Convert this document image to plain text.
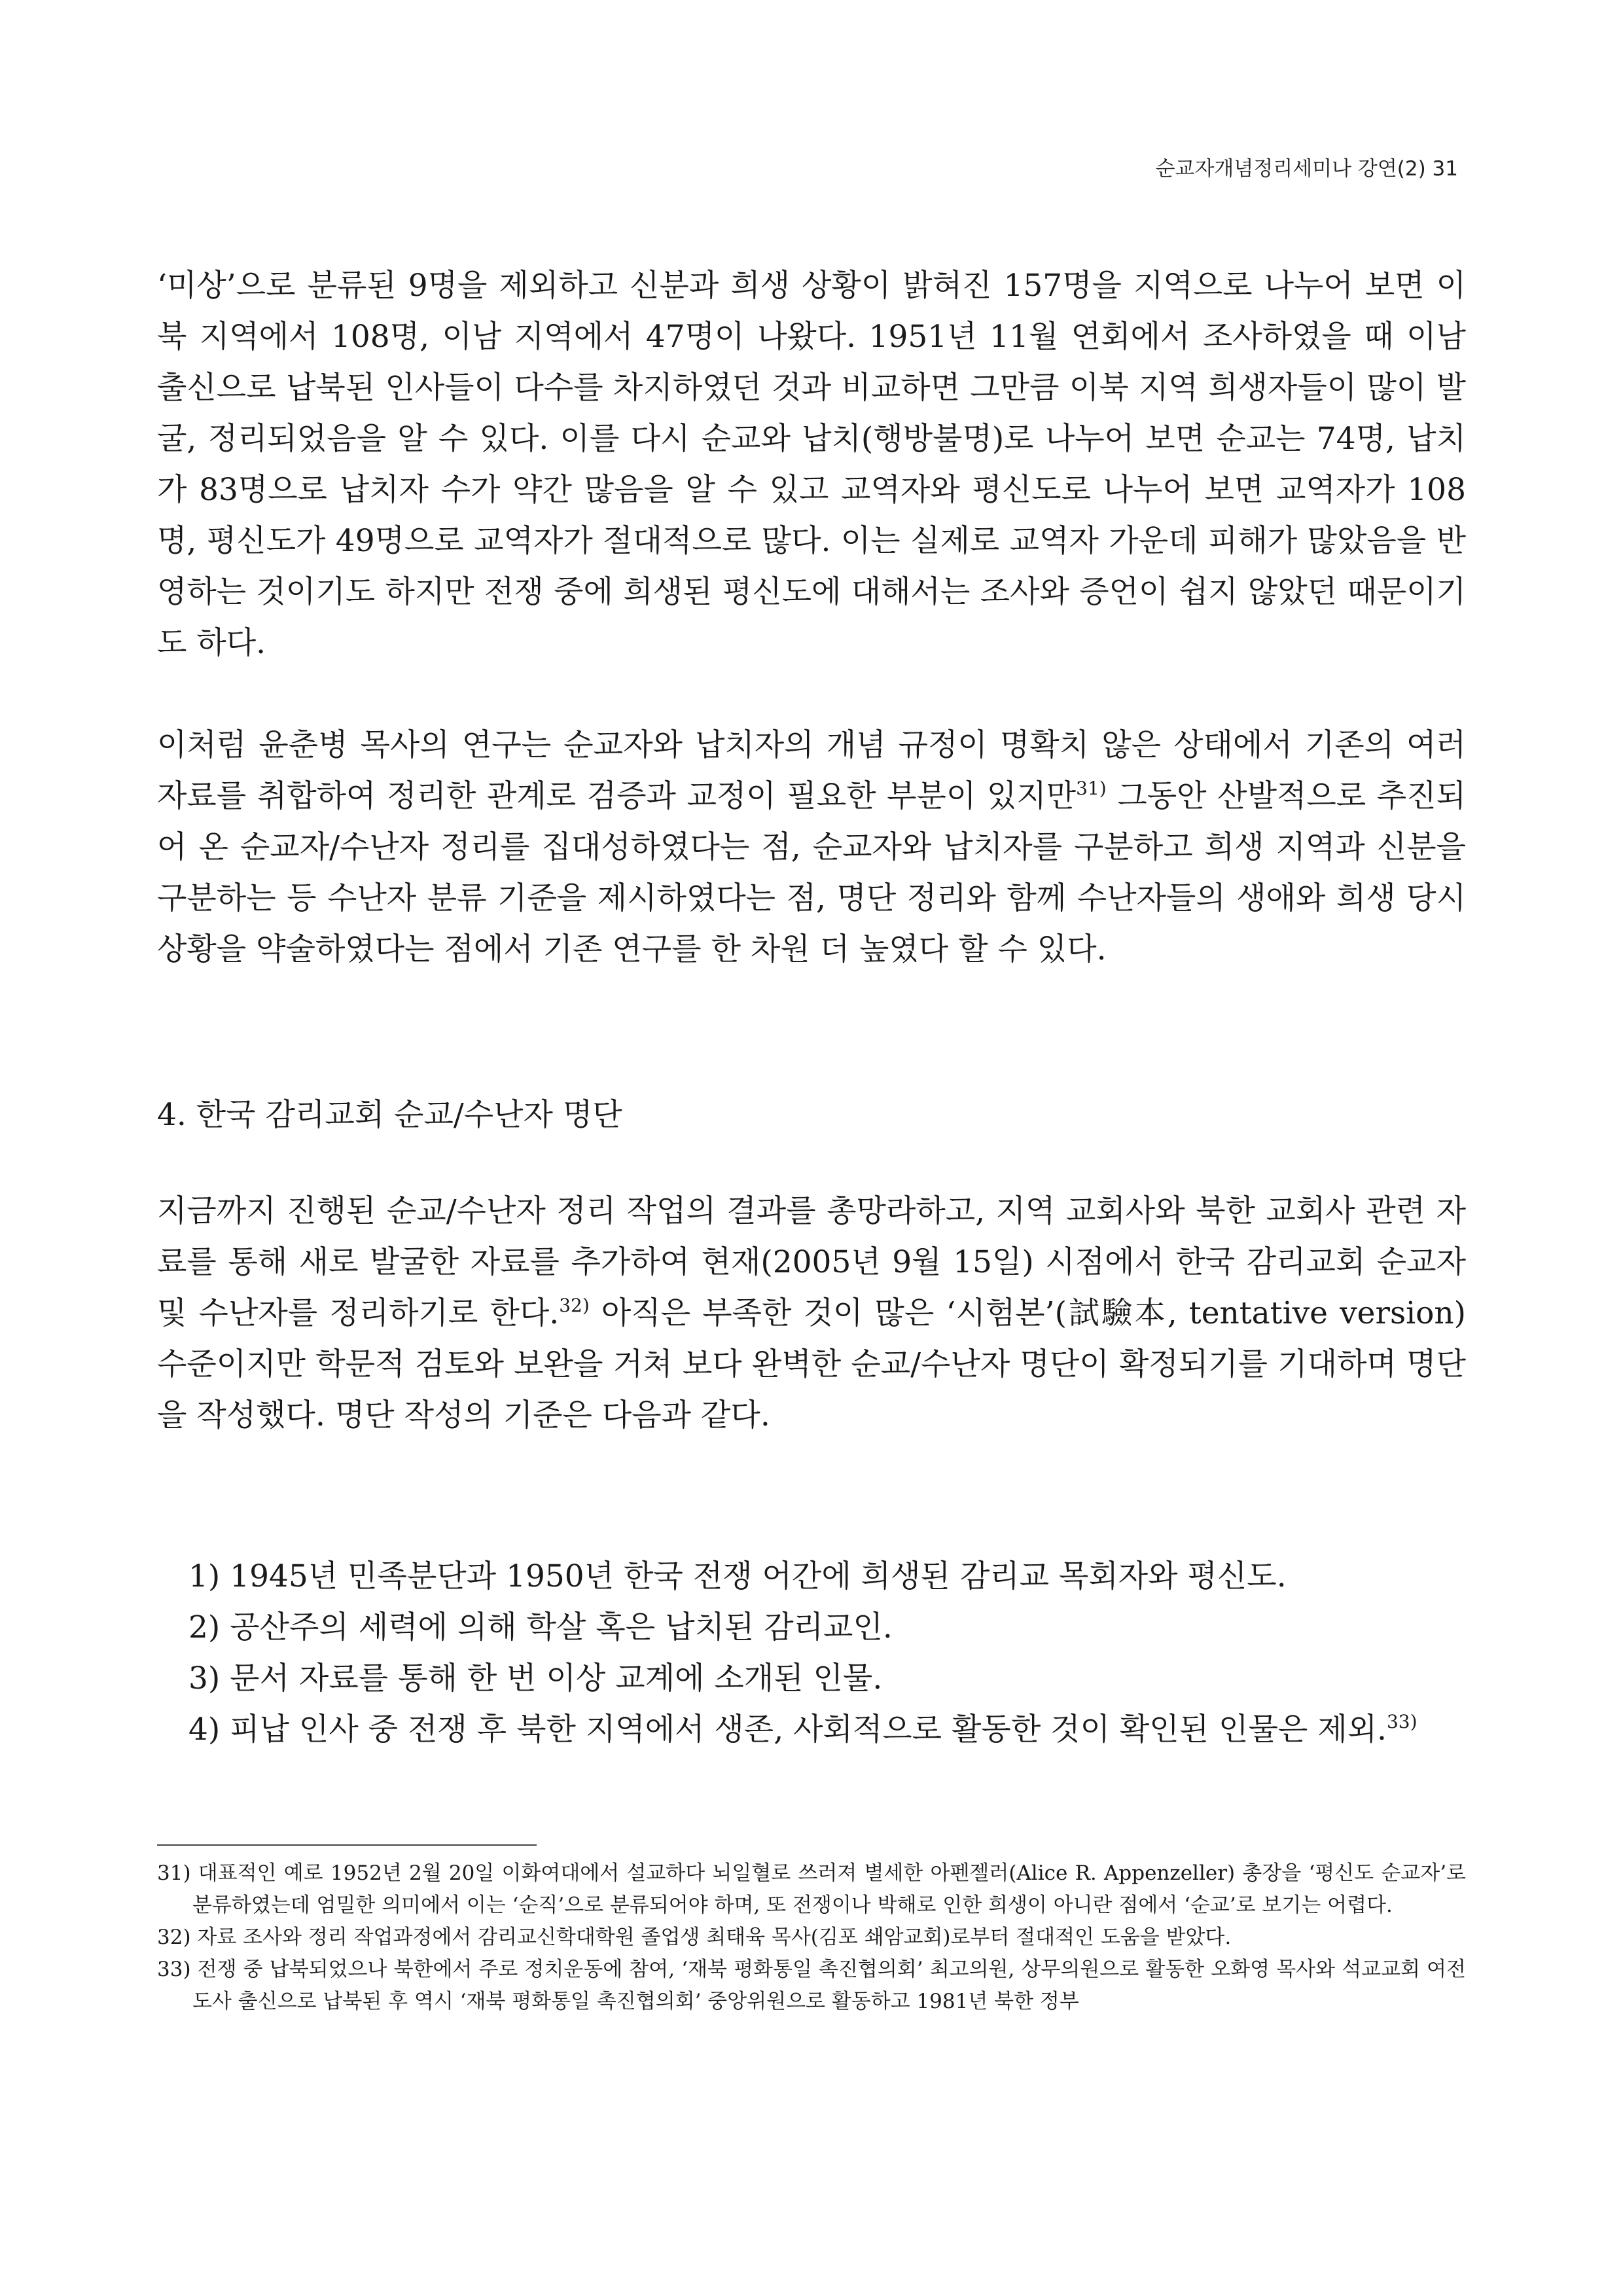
순교자개념정리세미나 강연(2) 31

‘미상’으로 분류된 9명을 제외하고 신분과 희생 상황이 밝혀진 157명을 지역으로 나누어 보면 이북 지역에서 108명, 이남 지역에서 47명이 나왔다. 1951년 11월 연회에서 조사하였을 때 이남 출신으로 납북된 인사들이 다수를 차지하였던 것과 비교하면 그만큼 이북 지역 희생자들이 많이 발굴, 정리되었음을 알 수 있다. 이를 다시 순교와 납치(행방불명)로 나누어 보면 순교는 74명, 납치가 83명으로 납치자 수가 약간 많음을 알 수 있고 교역자와 평신도로 나누어 보면 교역자가 108명, 평신도가 49명으로 교역자가 절대적으로 많다. 이는 실제로 교역자 가운데 피해가 많았음을 반영하는 것이기도 하지만 전쟁 중에 희생된 평신도에 대해서는 조사와 증언이 쉽지 않았던 때문이기도 하다.

이처럼 윤춘병 목사의 연구는 순교자와 납치자의 개념 규정이 명확치 않은 상태에서 기존의 여러 자료를 취합하여 정리한 관계로 검증과 교정이 필요한 부분이 있지만$^{31)}$ 그동안 산발적으로 추진되어 온 순교자/수난자 정리를 집대성하였다는 점, 순교자와 납치자를 구분하고 희생 지역과 신분을 구분하는 등 수난자 분류 기준을 제시하였다는 점, 명단 정리와 함께 수난자들의 생애와 희생 당시 상황을 약술하였다는 점에서 기존 연구를 한 차원 더 높였다 할 수 있다.

4. 한국 감리교회 순교/수난자 명단

지금까지 진행된 순교/수난자 정리 작업의 결과를 총망라하고, 지역 교회사와 북한 교회사 관련 자료를 통해 새로 발굴한 자료를 추가하여 현재(2005년 9월 15일) 시점에서 한국 감리교회 순교자 및 수난자를 정리하기로 한다.$^{32)}$ 아직은 부족한 것이 많은 ‘시험본’(試驗本, tentative version) 수준이지만 학문적 검토와 보완을 거쳐 보다 완벽한 순교/수난자 명단이 확정되기를 기대하며 명단을 작성했다. 명단 작성의 기준은 다음과 같다.

1) 1945년 민족분단과 1950년 한국 전쟁 어간에 희생된 감리교 목회자와 평신도.
2) 공산주의 세력에 의해 학살 혹은 납치된 감리교인.
3) 문서 자료를 통해 한 번 이상 교계에 소개된 인물.
4) 피납 인사 중 전쟁 후 북한 지역에서 생존, 사회적으로 활동한 것이 확인된 인물은 제외.$^{33)}$
31) 대표적인 예로 1952년 2월 20일 이화여대에서 설교하다 뇌일혈로 쓰러져 별세한 아펜젤러(Alice R. Appenzeller) 총장을 ‘평신도 순교자’로 분류하였는데 엄밀한 의미에서 이는 ‘순직’으로 분류되어야 하며, 또 전쟁이나 박해로 인한 희생이 아니란 점에서 ‘순교’로 보기는 어렵다.
32) 자료 조사와 정리 작업과정에서 감리교신학대학원 졸업생 최태육 목사(김포 쇄암교회)로부터 절대적인 도움을 받았다.
33) 전쟁 중 납북되었으나 북한에서 주로 정치운동에 참여, ‘재북 평화통일 촉진협의회’ 최고의원, 상무의원으로 활동한 오화영 목사와 석교교회 여전도사 출신으로 납북된 후 역시 ‘재북 평화통일 촉진협의회’ 중앙위원으로 활동하고 1981년 북한 정부
